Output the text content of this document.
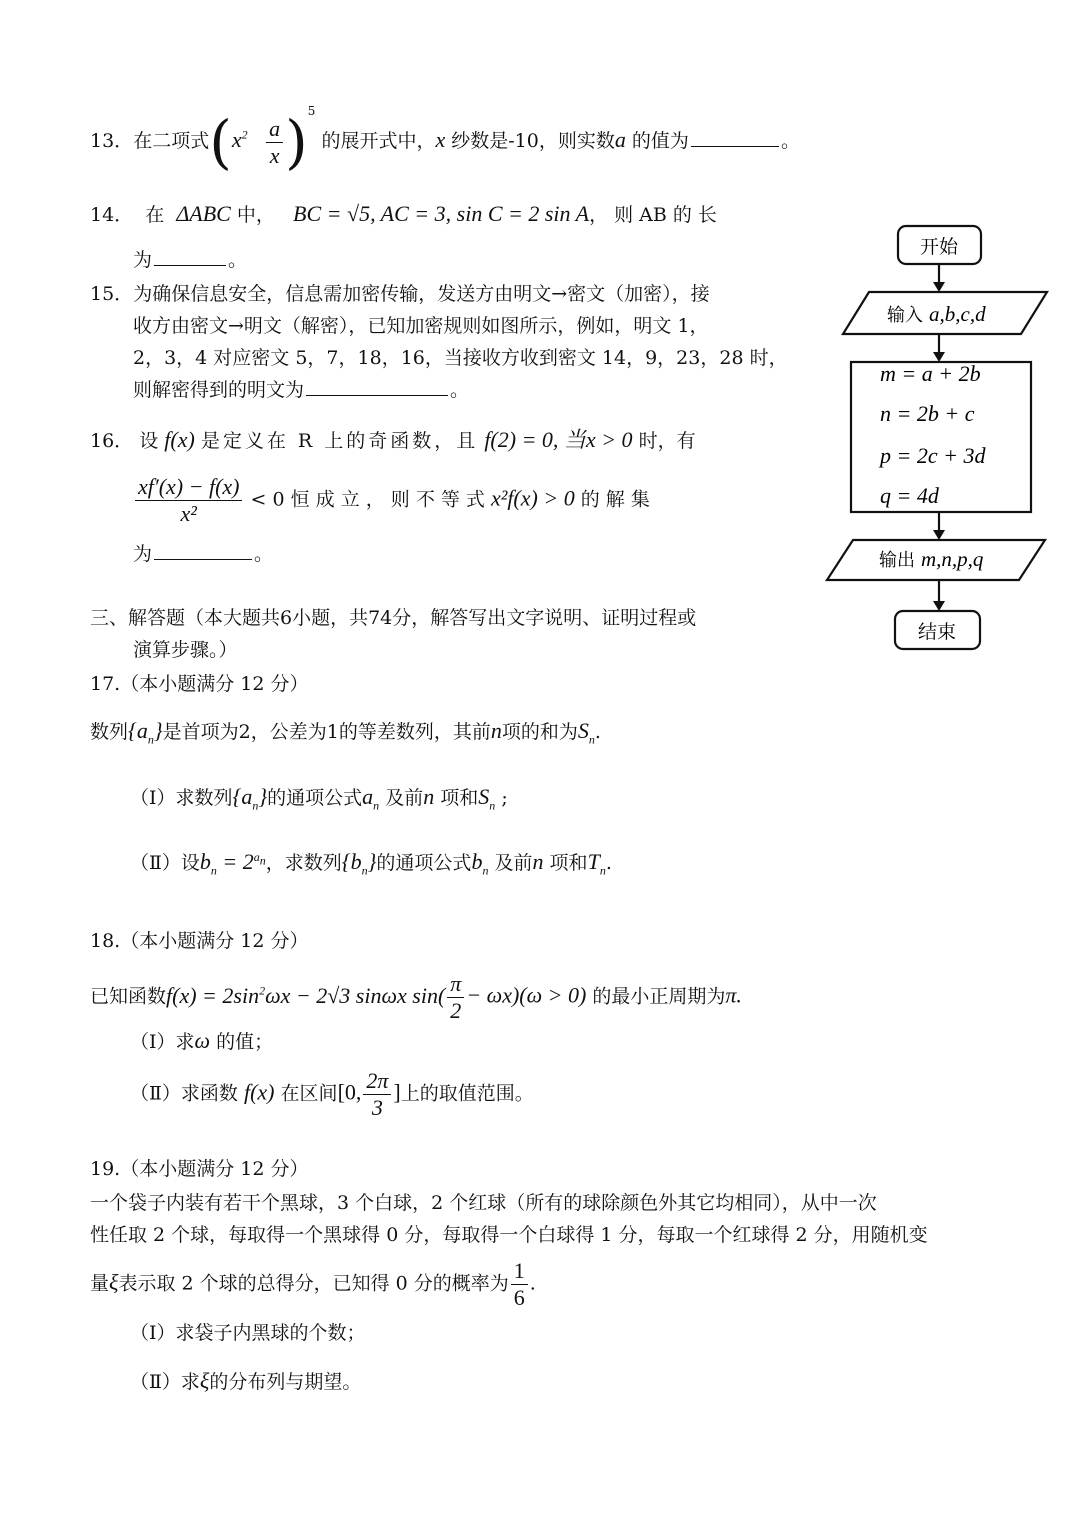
13．在二项式$(x^2 \frac{a}{x} )^5$ 的展开式中，x 纱数是-10，则实数a 的值为	。
14． 在 ΔABC 中， BC = √5, AC = 3, sin C = 2 sin A， 则 AB 的 长
为	。
15．为确保信息安全，信息需加密传输，发送方由明文→密文（加密），接
收方由密文→明文（解密），已知加密规则如图所示，例如，明文 1，
2，3，4 对应密文 5，7，18，16，当接收方收到密文 14，9，23，28 时，
则解密得到的明文为	。
16． 设 f(x) 是定义在 R 上的奇函数，且 f(2) = 0, 当x > 0 时，有
$\frac{xf'(x) - f(x)}{\text{x²}} < 0$ 恒 成 立 ， 则 不 等 式 x²f(x) > 0 的 解 集
为	。
三、解答题（本大题共6小题，共74分，解答写出文字说明、证明过程或
演算步骤。）
17.（本小题满分 12 分）
数列$\{a_n\}$是首项为2，公差为1的等差数列，其前n项的和为$S_n$.
（Ⅰ）求数列$\{a_n\}$的通项公式$a_n$ 及前n 项和$S_n$ ;
（Ⅱ）设$b_n = 2^{a_n}$，求数列$\{b_n\}$的通项公式$b_n$ 及前n 项和$T_n$.
18.（本小题满分 12 分）
已知函数$f(x) = 2\sin^2\omega x - 2√3$ sinωx $\sin( \frac{\pi}{2} - \omega x)(\omega > 0)$ 的最小正周期为π.
（Ⅰ）求ω 的值；
（Ⅱ）求函数 f(x) 在区间[0, $\frac{2\pi}{3}$ ]上的取值范围。
19.（本小题满分 12 分）
一个袋子内装有若干个黑球，3 个白球，2 个红球（所有的球除颜色外其它均相同），从中一次
性任取 2 个球，每取得一个黑球得 0 分，每取得一个白球得 1 分，每取一个红球得 2 分，用随机变
量ξ表示取 2 个球的总得分，已知得 0 分的概率为 $\frac{1}{6}$ .
（Ⅰ）求袋子内黑球的个数；
（Ⅱ）求ξ的分布列与期望。
开始
输入 a,b,c,d
m = a + 2b
n = 2b + c
p = 2c + 3d
q = 4d
输出 m,n,p,q
结束
